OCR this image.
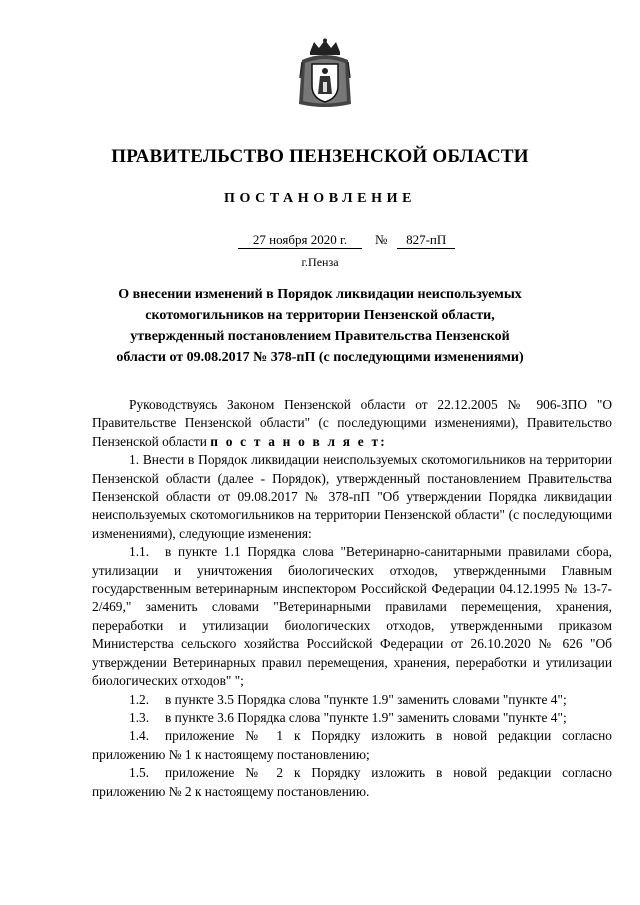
ПРАВИТЕЛЬСТВО ПЕНЗЕНСКОЙ ОБЛАСТИ
ПОСТАНОВЛЕНИЕ
27 ноября 2020 г. № 827-пП
г.Пенза
О внесении изменений в Порядок ликвидации неиспользуемых скотомогильников на территории Пензенской области, утвержденный постановлением Правительства Пензенской области от 09.08.2017 № 378-пП (с последующими изменениями)

Руководствуясь Законом Пензенской области от 22.12.2005 № 906-ЗПО "О Правительстве Пензенской области" (с последующими изменениями), Правительство Пензенской области п о с т а н о в л я е т:

1. Внести в Порядок ликвидации неиспользуемых скотомогильников на территории Пензенской области (далее - Порядок), утвержденный постановлением Правительства Пензенской области от 09.08.2017 № 378-пП "Об утверждении Порядка ликвидации неиспользуемых скотомогильников на территории Пензенской области" (с последующими изменениями), следующие изменения:

1.1. в пункте 1.1 Порядка слова "Ветеринарно-санитарными правилами сбора, утилизации и уничтожения биологических отходов, утвержденными Главным государственным ветеринарным инспектором Российской Федерации 04.12.1995 № 13-7-2/469," заменить словами "Ветеринарными правилами перемещения, хранения, переработки и утилизации биологических отходов, утвержденными приказом Министерства сельского хозяйства Российской Федерации от 26.10.2020 № 626 "Об утверждении Ветеринарных правил перемещения, хранения, переработки и утилизации биологических отходов" ";

1.2. в пункте 3.5 Порядка слова "пункте 1.9" заменить словами "пункте 4";

1.3. в пункте 3.6 Порядка слова "пункте 1.9" заменить словами "пункте 4";

1.4. приложение № 1 к Порядку изложить в новой редакции согласно приложению № 1 к настоящему постановлению;

1.5. приложение № 2 к Порядку изложить в новой редакции согласно приложению № 2 к настоящему постановлению.
